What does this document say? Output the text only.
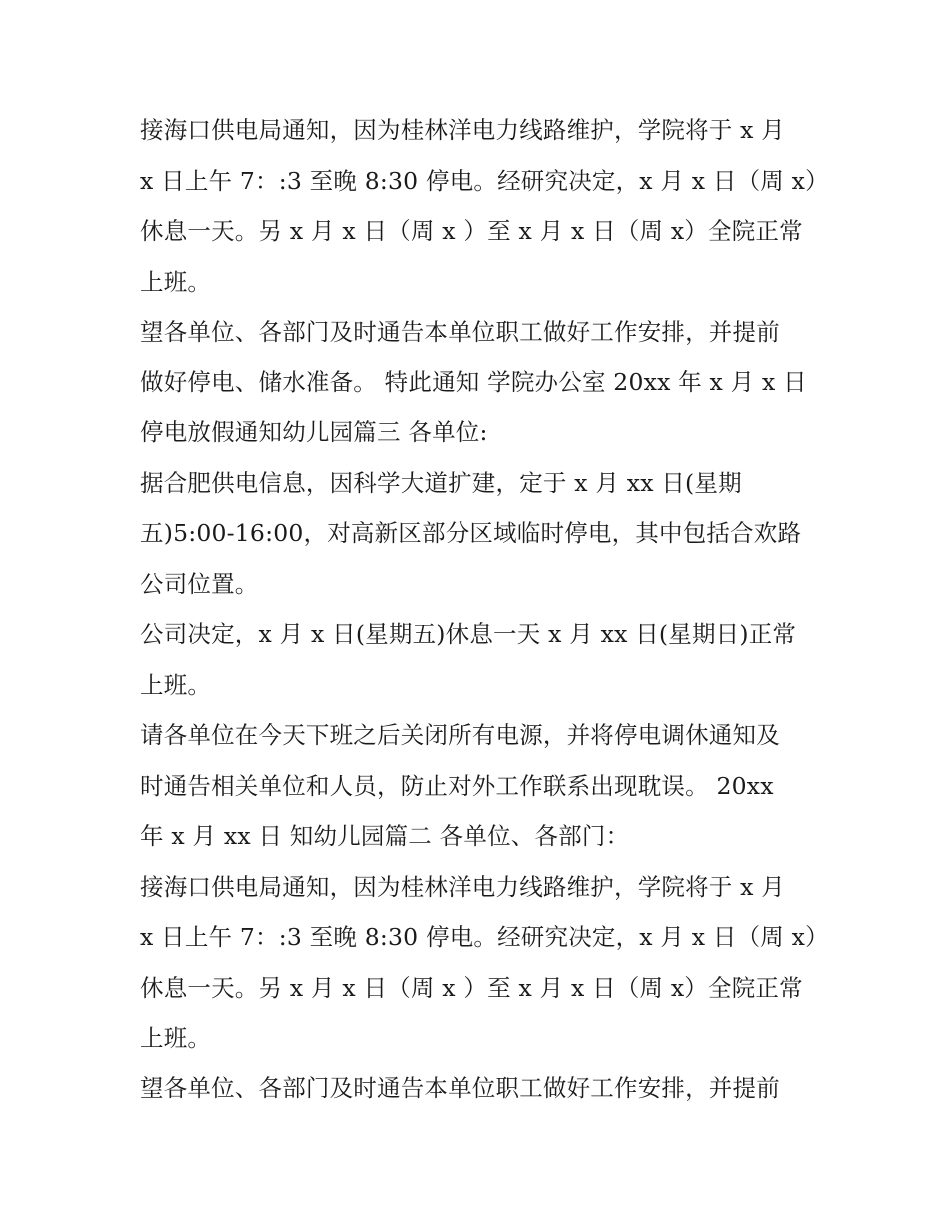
接海口供电局通知，因为桂林洋电力线路维护，学院将于 x 月
x 日上午 7：:3 至晚 8:30 停电。经研究决定，x 月 x 日（周 x）
休息一天。另 x 月 x 日（周 x ）至 x 月 x 日（周 x）全院正常
上班。
望各单位、各部门及时通告本单位职工做好工作安排，并提前
做好停电、储水准备。 特此通知 学院办公室 20xx 年 x 月 x 日
停电放假通知幼儿园篇三 各单位:
据合肥供电信息，因科学大道扩建，定于 x 月 xx 日(星期
五)5:00-16:00，对高新区部分区域临时停电，其中包括合欢路
公司位置。
公司决定，x 月 x 日(星期五)休息一天 x 月 xx 日(星期日)正常
上班。
请各单位在今天下班之后关闭所有电源，并将停电调休通知及
时通告相关单位和人员，防止对外工作联系出现耽误。 20xx
年 x 月 xx 日 知幼儿园篇二 各单位、各部门：
接海口供电局通知，因为桂林洋电力线路维护，学院将于 x 月
x 日上午 7：:3 至晚 8:30 停电。经研究决定，x 月 x 日（周 x）
休息一天。另 x 月 x 日（周 x ）至 x 月 x 日（周 x）全院正常
上班。
望各单位、各部门及时通告本单位职工做好工作安排，并提前
